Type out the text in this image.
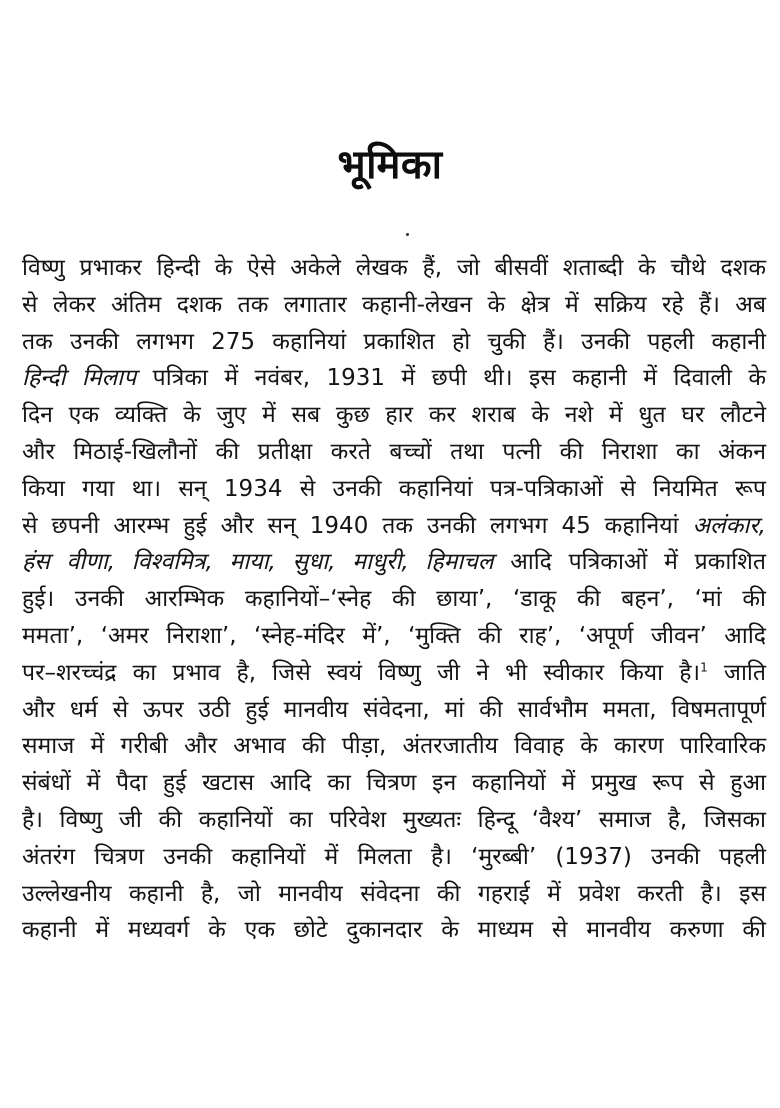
भूमिका
विष्णु प्रभाकर हिन्दी के ऐसे अकेले लेखक हैं, जो बीसवीं शताब्दी के चौथे दशक
से लेकर अंतिम दशक तक लगातार कहानी-लेखन के क्षेत्र में सक्रिय रहे हैं। अब
तक उनकी लगभग 275 कहानियां प्रकाशित हो चुकी हैं। उनकी पहली कहानी
हिन्दी मिलाप पत्रिका में नवंबर, 1931 में छपी थी। इस कहानी में दिवाली के
दिन एक व्यक्ति के जुए में सब कुछ हार कर शराब के नशे में धुत घर लौटने
और मिठाई-खिलौनों की प्रतीक्षा करते बच्चों तथा पत्नी की निराशा का अंकन
किया गया था। सन् 1934 से उनकी कहानियां पत्र-पत्रिकाओं से नियमित रूप
से छपनी आरम्भ हुई और सन् 1940 तक उनकी लगभग 45 कहानियां अलंकार,
हंस वीणा, विश्वमित्र, माया, सुधा, माधुरी, हिमाचल आदि पत्रिकाओं में प्रकाशित
हुई। उनकी आरम्भिक कहानियों–‘स्नेह की छाया’, ‘डाकू की बहन’, ‘मां की
ममता’, ‘अमर निराशा’, ‘स्नेह-मंदिर में’, ‘मुक्ति की राह’, ‘अपूर्ण जीवन’ आदि
पर–शरच्चंद्र का प्रभाव है, जिसे स्वयं विष्णु जी ने भी स्वीकार किया है।$^1$ जाति
और धर्म से ऊपर उठी हुई मानवीय संवेदना, मां की सार्वभौम ममता, विषमतापूर्ण
समाज में गरीबी और अभाव की पीड़ा, अंतरजातीय विवाह के कारण पारिवारिक
संबंधों में पैदा हुई खटास आदि का चित्रण इन कहानियों में प्रमुख रूप से हुआ
है। विष्णु जी की कहानियों का परिवेश मुख्यतः हिन्दू ‘वैश्य’ समाज है, जिसका
अंतरंग चित्रण उनकी कहानियों में मिलता है। ‘मुरब्बी’ (1937) उनकी पहली
उल्लेखनीय कहानी है, जो मानवीय संवेदना की गहराई में प्रवेश करती है। इस
कहानी में मध्यवर्ग के एक छोटे दुकानदार के माध्यम से मानवीय करुणा की
